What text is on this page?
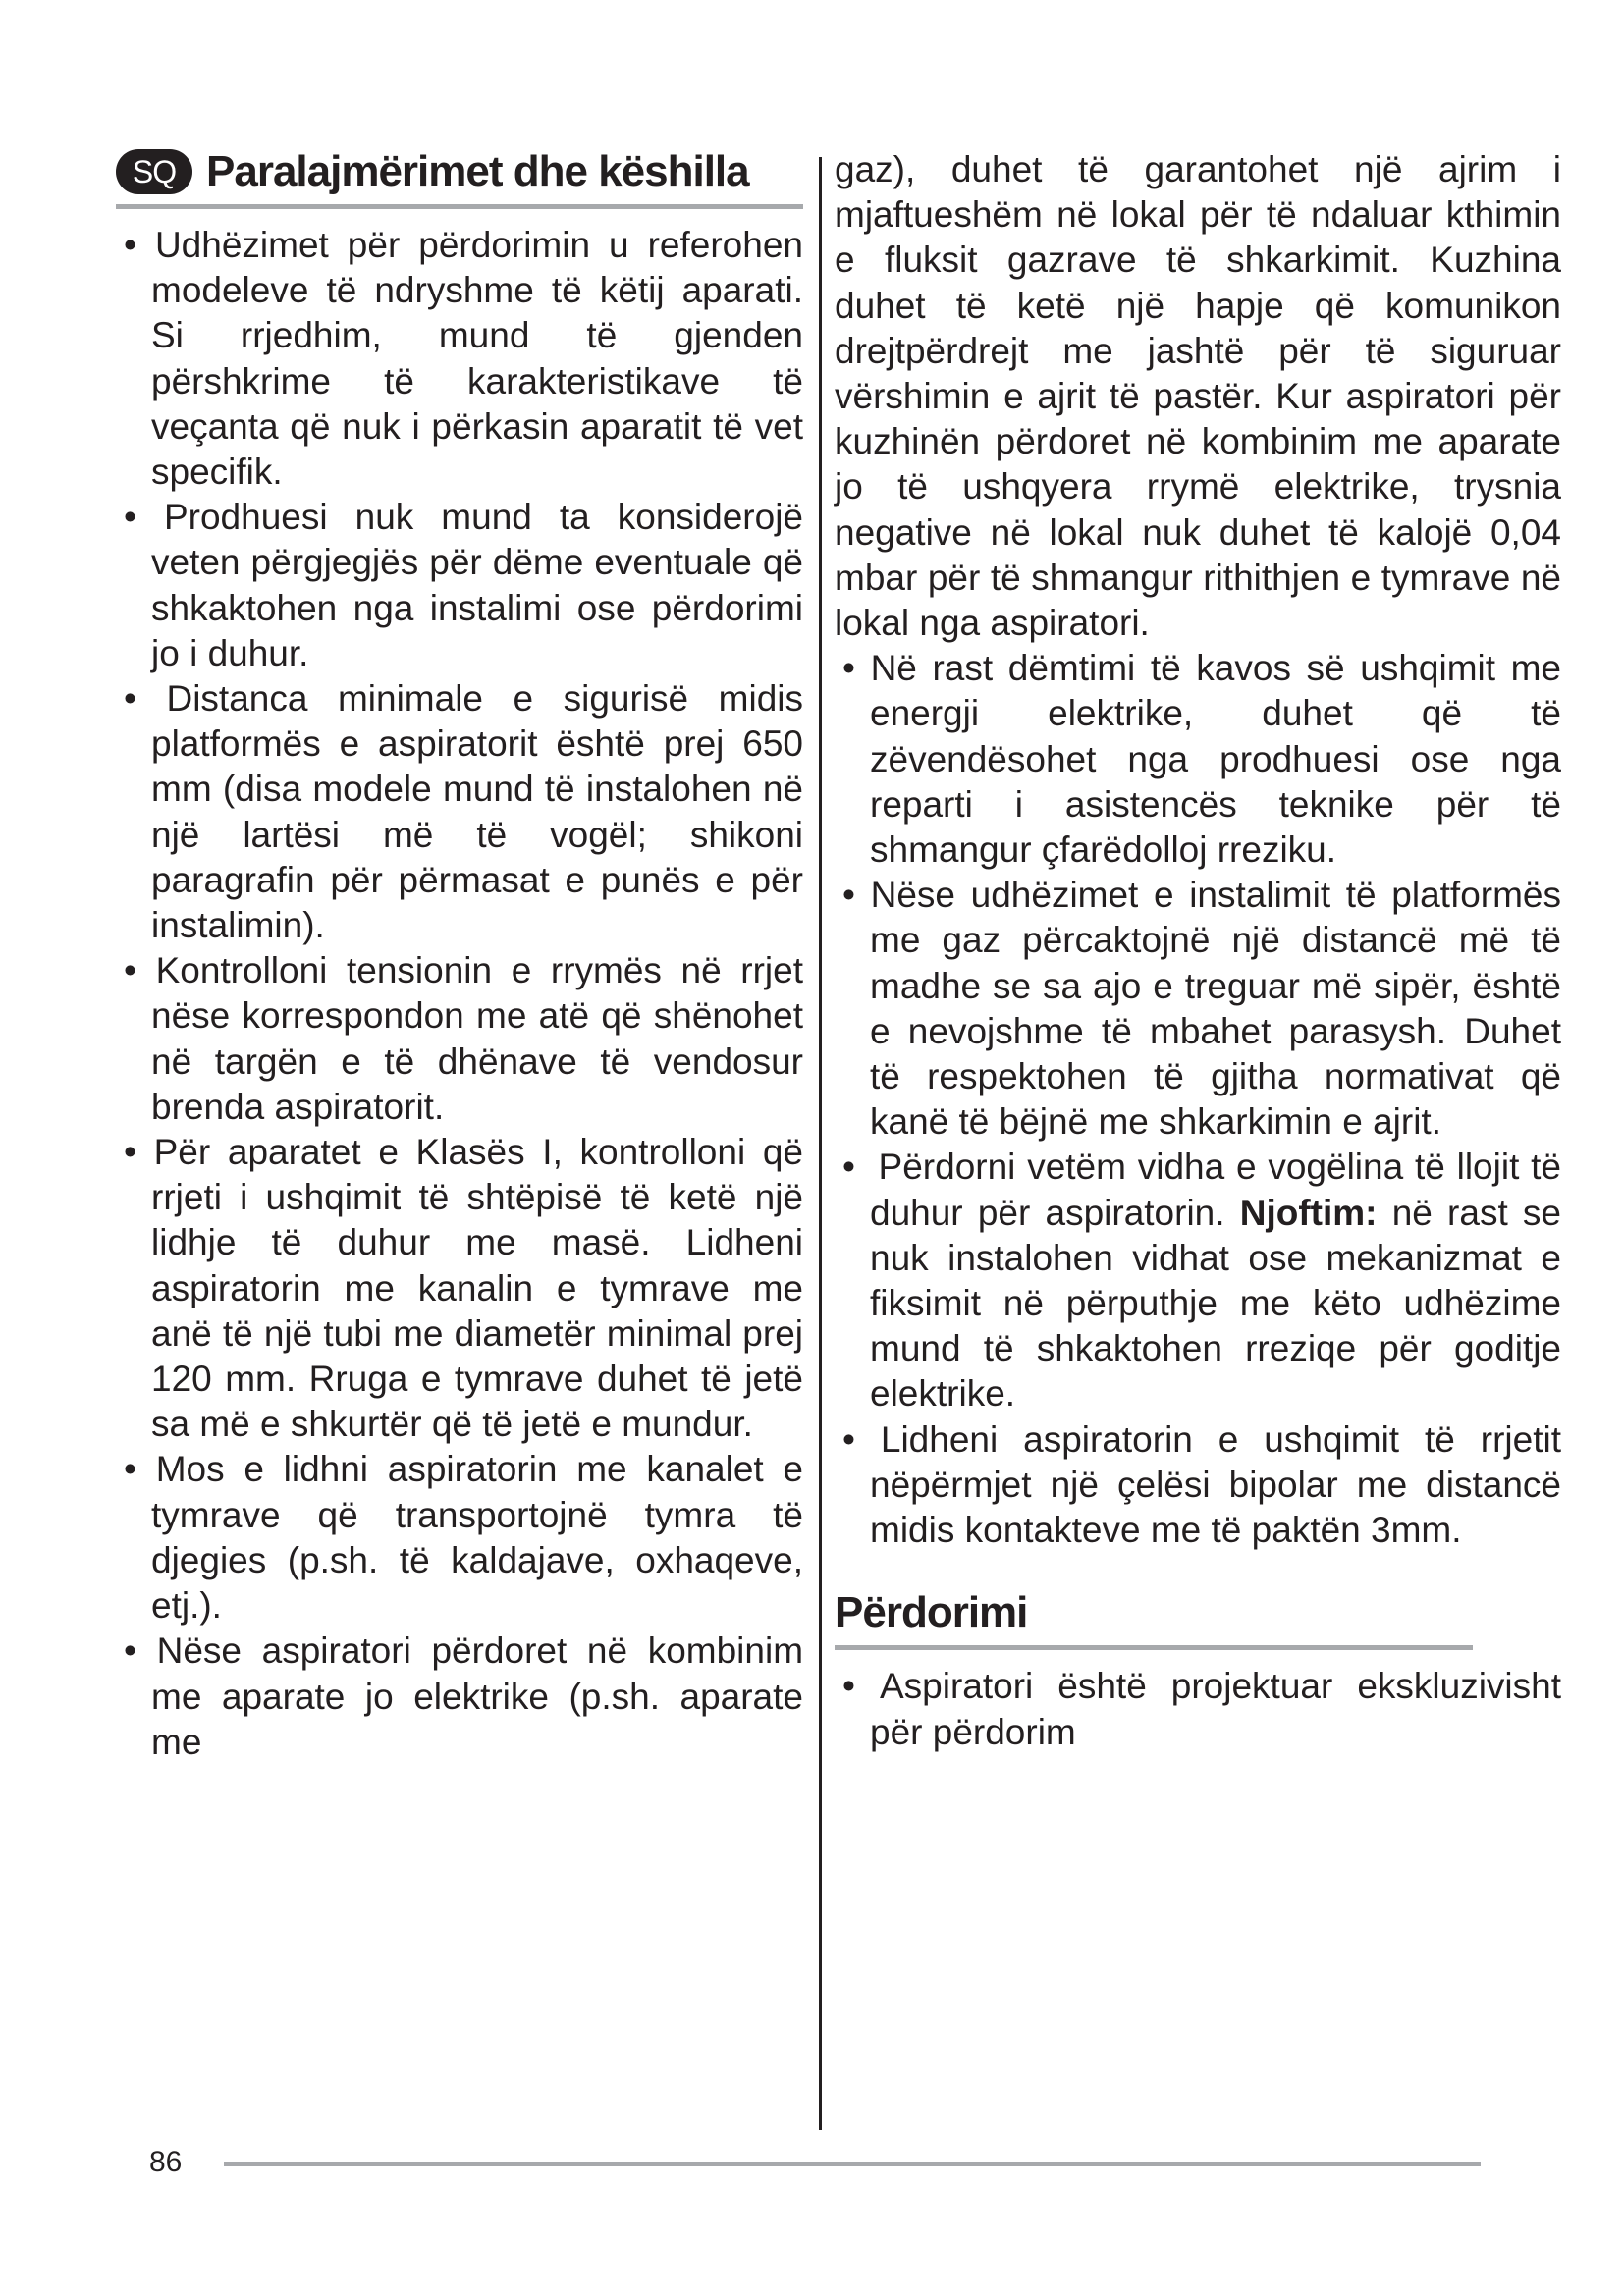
SQ Paralajmërimet dhe këshilla
• Udhëzimet për përdorimin u referohen modeleve të ndryshme të këtij aparati. Si rrjedhim, mund të gjenden përshkrime të karakteristikave të veçanta që nuk i përkasin aparatit të vet specifik.
• Prodhuesi nuk mund ta konsiderojë veten përgjegjës për dëme eventuale që shkaktohen nga instalimi ose përdorimi jo i duhur.
• Distanca minimale e sigurisë midis platformës e aspiratorit është prej 650 mm (disa modele mund të instalohen në një lartësi më të vogël; shikoni paragrafin për përmasat e punës e për instalimin).
• Kontrolloni tensionin e rrymës në rrjet nëse korrespondon me atë që shënohet në targën e të dhënave të vendosur brenda aspiratorit.
• Për aparatet e Klasës I, kontrolloni që rrjeti i ushqimit të shtëpisë të ketë një lidhje të duhur me masë. Lidheni aspiratorin me kanalin e tymrave me anë të një tubi me diametër minimal prej 120 mm. Rruga e tymrave duhet të jetë sa më e shkurtër që të jetë e mundur.
• Mos e lidhni aspiratorin me kanalet e tymrave që transportojnë tymra të djegies (p.sh. të kaldajave, oxhaqeve, etj.).
• Nëse aspiratori përdoret në kombinim me aparate jo elektrike (p.sh. aparate me
gaz), duhet të garantohet një ajrim i mjaftueshëm në lokal për të ndaluar kthimin e fluksit gazrave të shkarkimit. Kuzhina duhet të ketë një hapje që komunikon drejtpërdrejt me jashtë për të siguruar vërshimin e ajrit të pastër. Kur aspiratori për kuzhinën përdoret në kombinim me aparate jo të ushqyera rrymë elektrike, trysnia negative në lokal nuk duhet të kalojë 0,04 mbar për të shmangur rithithjen e tymrave në lokal nga aspiratori.
• Në rast dëmtimi të kavos së ushqimit me energji elektrike, duhet që të zëvendësohet nga prodhuesi ose nga reparti i asistencës teknike për të shmangur çfarëdolloj rreziku.
• Nëse udhëzimet e instalimit të platformës me gaz përcaktojnë një distancë më të madhe se sa ajo e treguar më sipër, është e nevojshme të mbahet parasysh. Duhet të respektohen të gjitha normativat që kanë të bëjnë me shkarkimin e ajrit.
• Përdorni vetëm vidha e vogëlina të llojit të duhur për aspiratorin. Njoftim: në rast se nuk instalohen vidhat ose mekanizmat e fiksimit në përputhje me këto udhëzime mund të shkaktohen rreziqe për goditje elektrike.
• Lidheni aspiratorin e ushqimit të rrjetit nëpërmjet një çelësi bipolar me distancë midis kontakteve me të paktën 3mm.
Përdorimi
• Aspiratori është projektuar ekskluzivisht për përdorim
86
